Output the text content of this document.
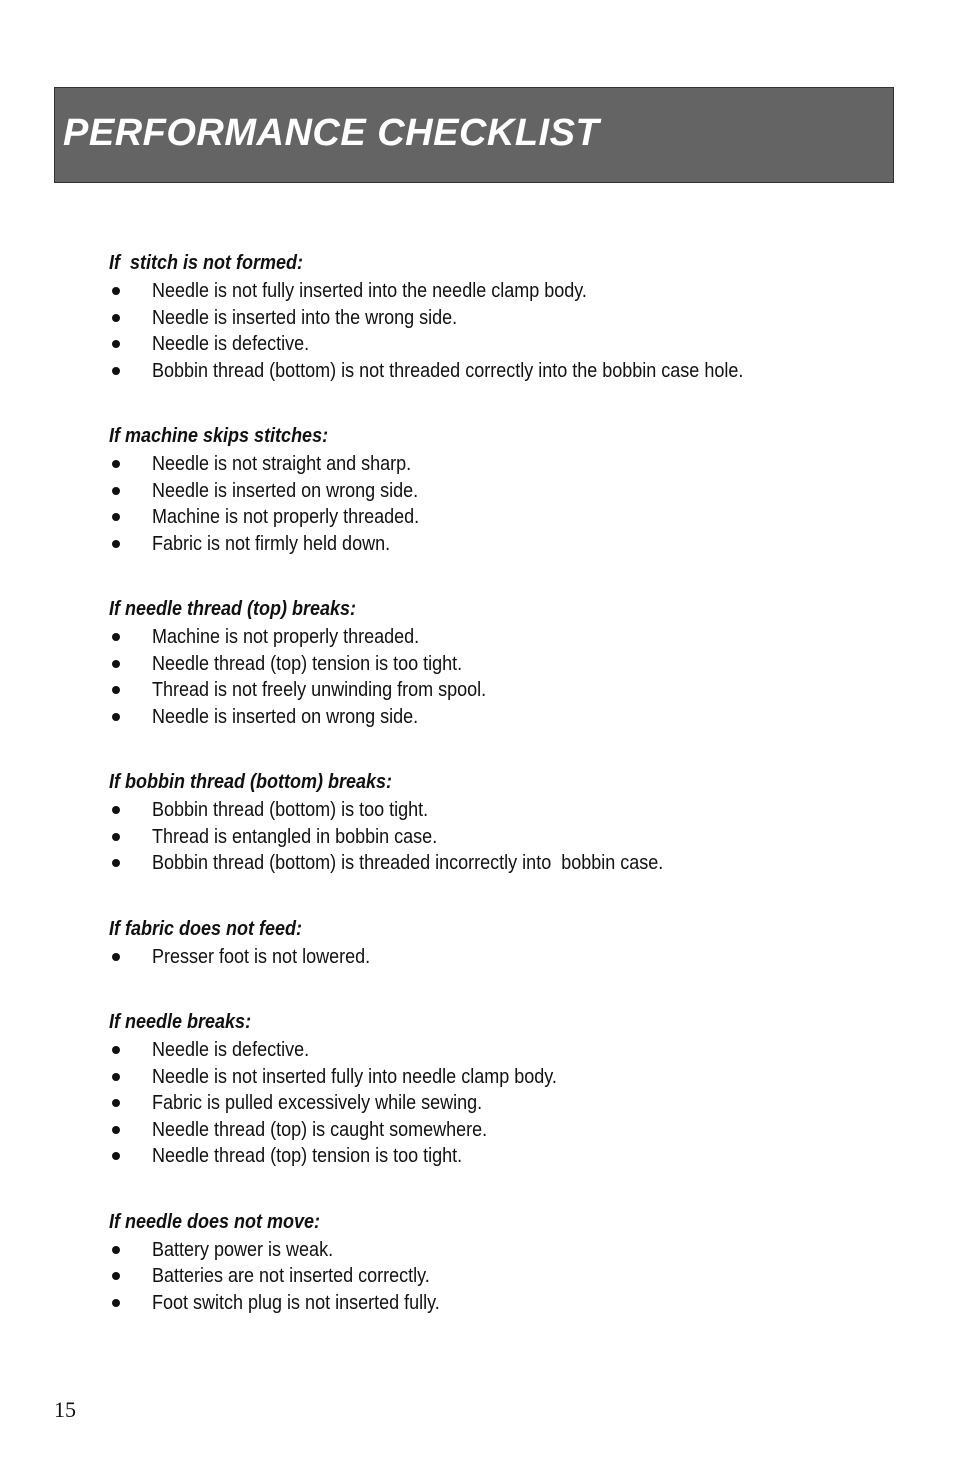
PERFORMANCE CHECKLIST
If  stitch is not formed:
Needle is not fully inserted into the needle clamp body.
Needle is inserted into the wrong side.
Needle is defective.
Bobbin thread (bottom) is not threaded correctly into the bobbin case hole.
If machine skips stitches:
Needle is not straight and sharp.
Needle is inserted on wrong side.
Machine is not properly threaded.
Fabric is not firmly held down.
If needle thread (top) breaks:
Machine is not properly threaded.
Needle thread (top) tension is too tight.
Thread is not freely unwinding from spool.
Needle is inserted on wrong side.
If bobbin thread (bottom) breaks:
Bobbin thread (bottom) is too tight.
Thread is entangled in bobbin case.
Bobbin thread (bottom) is threaded incorrectly into  bobbin case.
If fabric does not feed:
Presser foot is not lowered.
If needle breaks:
Needle is defective.
Needle is not inserted fully into needle clamp body.
Fabric is pulled excessively while sewing.
Needle thread (top) is caught somewhere.
Needle thread (top) tension is too tight.
If needle does not move:
Battery power is weak.
Batteries are not inserted correctly.
Foot switch plug is not inserted fully.
15
